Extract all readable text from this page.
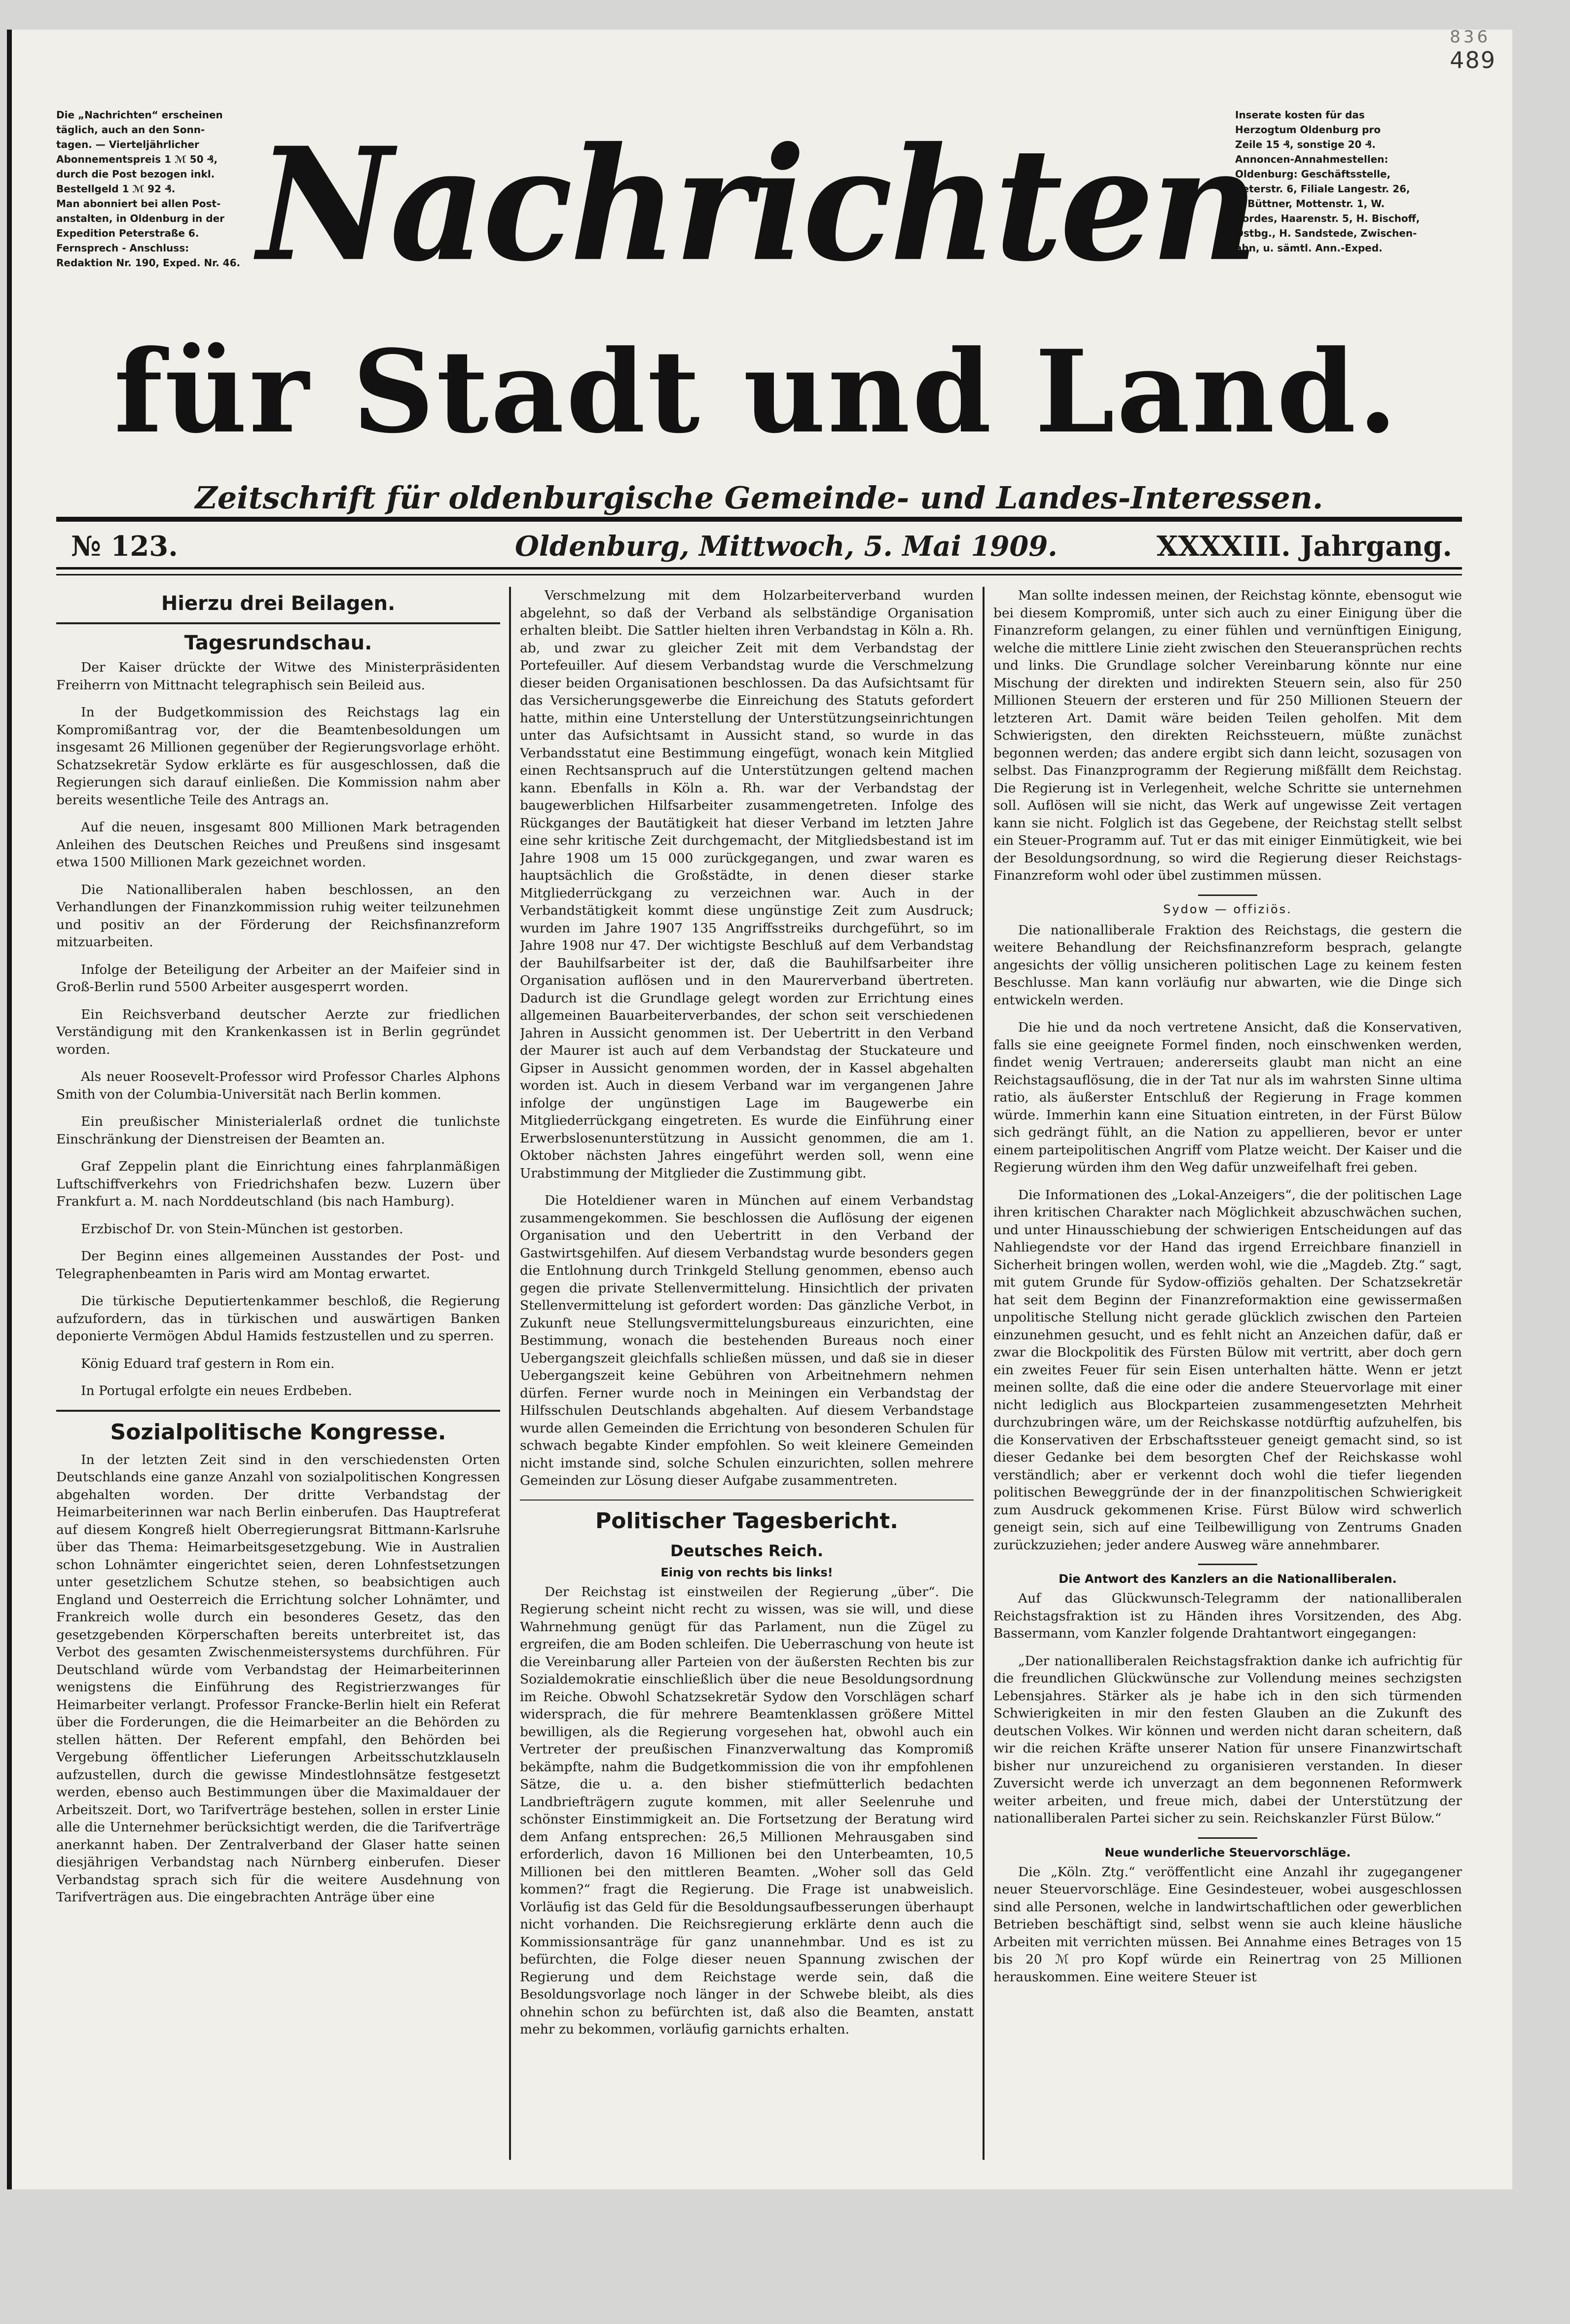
Die „Nachrichten“ erscheinen
täglich, auch an den Sonn-
tagen. — Vierteljährlicher
Abonnementspreis 1 ℳ 50 ₰,
durch die Post bezogen inkl.
Bestellgeld 1 ℳ 92 ₰.
Man abonniert bei allen Post-
anstalten, in Oldenburg in der
Expedition Peterstraße 6.
Fernsprech - Anschluss:
Redaktion Nr. 190, Exped. Nr. 46.
Inserate kosten für das
Herzogtum Oldenburg pro
Zeile 15 ₰, sonstige 20 ₰.
Annoncen-Annahmestellen:
Oldenburg: Geschäftsstelle,
Peterstr. 6, Filiale Langestr. 26,
F. Büttner, Mottenstr. 1, W.
Cordes, Haarenstr. 5, H. Bischoff,
Ostbg., H. Sandstede, Zwischen-
ahn, u. sämtl. Ann.-Exped.
Nachrichten
für Stadt und Land.
Zeitschrift für oldenburgische Gemeinde- und Landes-Interessen.
№ 123.	Oldenburg, Mittwoch, 5. Mai 1909.	XXXXIII. Jahrgang.
Hierzu drei Beilagen.
Tagesrundschau.
Der Kaiser drückte der Witwe des Ministerpräsidenten Freiherrn von Mittnacht telegraphisch sein Beileid aus.
In der Budgetkommission des Reichstags lag ein Kompromißantrag vor, der die Beamtenbesoldungen um insgesamt 26 Millionen gegenüber der Regierungsvorlage erhöht. Schatzsekretär Sydow erklärte es für ausgeschlossen, daß die Regierungen sich darauf einließen. Die Kommission nahm aber bereits wesentliche Teile des Antrags an.
Auf die neuen, insgesamt 800 Millionen Mark betragenden Anleihen des Deutschen Reiches und Preußens sind insgesamt etwa 1500 Millionen Mark gezeichnet worden.
Die Nationalliberalen haben beschlossen, an den Verhandlungen der Finanzkommission ruhig weiter teilzunehmen und positiv an der Förderung der Reichsfinanzreform mitzuarbeiten.
Infolge der Beteiligung der Arbeiter an der Maifeier sind in Groß-Berlin rund 5500 Arbeiter ausgesperrt worden.
Ein Reichsverband deutscher Aerzte zur friedlichen Verständigung mit den Krankenkassen ist in Berlin gegründet worden.
Als neuer Roosevelt-Professor wird Professor Charles Alphons Smith von der Columbia-Universität nach Berlin kommen.
Ein preußischer Ministerialerlaß ordnet die tunlichste Einschränkung der Dienstreisen der Beamten an.
Graf Zeppelin plant die Einrichtung eines fahrplanmäßigen Luftschiffverkehrs von Friedrichshafen bezw. Luzern über Frankfurt a. M. nach Norddeutschland (bis nach Hamburg).
Erzbischof Dr. von Stein-München ist gestorben.
Der Beginn eines allgemeinen Ausstandes der Post- und Telegraphenbeamten in Paris wird am Montag erwartet.
Die türkische Deputiertenkammer beschloß, die Regierung aufzufordern, das in türkischen und auswärtigen Banken deponierte Vermögen Abdul Hamids festzustellen und zu sperren.
König Eduard traf gestern in Rom ein.
In Portugal erfolgte ein neues Erdbeben.
Sozialpolitische Kongresse.
In der letzten Zeit sind in den verschiedensten Orten Deutschlands eine ganze Anzahl von sozialpolitischen Kongressen abgehalten worden. Der dritte Verbandstag der Heimarbeiterinnen war nach Berlin einberufen. Das Hauptreferat auf diesem Kongreß hielt Oberregierungsrat Bittmann-Karlsruhe über das Thema: Heimarbeitsgesetzgebung. Wie in Australien schon Lohnämter eingerichtet seien, deren Lohnfestsetzungen unter gesetzlichem Schutze stehen, so beabsichtigen auch England und Oesterreich die Errichtung solcher Lohnämter, und Frankreich wolle durch ein besonderes Gesetz, das den gesetzgebenden Körperschaften bereits unterbreitet ist, das Verbot des gesamten Zwischenmeistersystems durchführen. Für Deutschland würde vom Verbandstag der Heimarbeiterinnen wenigstens die Einführung des Registrierzwanges für Heimarbeiter verlangt. Professor Francke-Berlin hielt ein Referat über die Forderungen, die die Heimarbeiter an die Behörden zu stellen hätten. Der Referent empfahl, den Behörden bei Vergebung öffentlicher Lieferungen Arbeitsschutzklauseln aufzustellen, durch die gewisse Mindestlohnsätze festgesetzt werden, ebenso auch Bestimmungen über die Maximaldauer der Arbeitszeit. Dort, wo Tarifverträge bestehen, sollen in erster Linie alle die Unternehmer berücksichtigt werden, die die Tarifverträge anerkannt haben. Der Zentralverband der Glaser hatte seinen diesjährigen Verbandstag nach Nürnberg einberufen. Dieser Verbandstag sprach sich für die weitere Ausdehnung von Tarifverträgen aus. Die eingebrachten Anträge über eine
Verschmelzung mit dem Holzarbeiterverband wurden abgelehnt, so daß der Verband als selbständige Organisation erhalten bleibt. Die Sattler hielten ihren Verbandstag in Köln a. Rh. ab, und zwar zu gleicher Zeit mit dem Verbandstag der Portefeuiller. Auf diesem Verbandstag wurde die Verschmelzung dieser beiden Organisationen beschlossen. Da das Aufsichtsamt für das Versicherungsgewerbe die Einreichung des Statuts gefordert hatte, mithin eine Unterstellung der Unterstützungseinrichtungen unter das Aufsichtsamt in Aussicht stand, so wurde in das Verbandsstatut eine Bestimmung eingefügt, wonach kein Mitglied einen Rechtsanspruch auf die Unterstützungen geltend machen kann. Ebenfalls in Köln a. Rh. war der Verbandstag der baugewerblichen Hilfsarbeiter zusammengetreten. Infolge des Rückganges der Bautätigkeit hat dieser Verband im letzten Jahre eine sehr kritische Zeit durchgemacht, der Mitgliedsbestand ist im Jahre 1908 um 15 000 zurückgegangen, und zwar waren es hauptsächlich die Großstädte, in denen dieser starke Mitgliederrückgang zu verzeichnen war. Auch in der Verbandstätigkeit kommt diese ungünstige Zeit zum Ausdruck; wurden im Jahre 1907 135 Angriffsstreiks durchgeführt, so im Jahre 1908 nur 47. Der wichtigste Beschluß auf dem Verbandstag der Bauhilfsarbeiter ist der, daß die Bauhilfsarbeiter ihre Organisation auflösen und in den Maurerverband übertreten. Dadurch ist die Grundlage gelegt worden zur Errichtung eines allgemeinen Bauarbeiterverbandes, der schon seit verschiedenen Jahren in Aussicht genommen ist. Der Uebertritt in den Verband der Maurer ist auch auf dem Verbandstag der Stuckateure und Gipser in Aussicht genommen worden, der in Kassel abgehalten worden ist. Auch in diesem Verband war im vergangenen Jahre infolge der ungünstigen Lage im Baugewerbe ein Mitgliederrückgang eingetreten. Es wurde die Einführung einer Erwerbslosenunterstützung in Aussicht genommen, die am 1. Oktober nächsten Jahres eingeführt werden soll, wenn eine Urabstimmung der Mitglieder die Zustimmung gibt.
Die Hoteldiener waren in München auf einem Verbandstag zusammengekommen. Sie beschlossen die Auflösung der eigenen Organisation und den Uebertritt in den Verband der Gastwirtsgehilfen. Auf diesem Verbandstag wurde besonders gegen die Entlohnung durch Trinkgeld Stellung genommen, ebenso auch gegen die private Stellenvermittelung. Hinsichtlich der privaten Stellenvermittelung ist gefordert worden: Das gänzliche Verbot, in Zukunft neue Stellungsvermittelungsbureaus einzurichten, eine Bestimmung, wonach die bestehenden Bureaus noch einer Uebergangszeit gleichfalls schließen müssen, und daß sie in dieser Uebergangszeit keine Gebühren von Arbeitnehmern nehmen dürfen. Ferner wurde noch in Meiningen ein Verbandstag der Hilfsschulen Deutschlands abgehalten. Auf diesem Verbandstage wurde allen Gemeinden die Errichtung von besonderen Schulen für schwach begabte Kinder empfohlen. So weit kleinere Gemeinden nicht imstande sind, solche Schulen einzurichten, sollen mehrere Gemeinden zur Lösung dieser Aufgabe zusammentreten.
Politischer Tagesbericht.
Deutsches Reich.
Einig von rechts bis links!
Der Reichstag ist einstweilen der Regierung „über“. Die Regierung scheint nicht recht zu wissen, was sie will, und diese Wahrnehmung genügt für das Parlament, nun die Zügel zu ergreifen, die am Boden schleifen. Die Ueberraschung von heute ist die Vereinbarung aller Parteien von der äußersten Rechten bis zur Sozialdemokratie einschließlich über die neue Besoldungsordnung im Reiche. Obwohl Schatzsekretär Sydow den Vorschlägen scharf widersprach, die für mehrere Beamtenklassen größere Mittel bewilligen, als die Regierung vorgesehen hat, obwohl auch ein Vertreter der preußischen Finanzverwaltung das Kompromiß bekämpfte, nahm die Budgetkommission die von ihr empfohlenen Sätze, die u. a. den bisher stiefmütterlich bedachten Landbriefträgern zugute kommen, mit aller Seelenruhe und schönster Einstimmigkeit an. Die Fortsetzung der Beratung wird dem Anfang entsprechen: 26,5 Millionen Mehrausgaben sind erforderlich, davon 16 Millionen bei den Unterbeamten, 10,5 Millionen bei den mittleren Beamten. „Woher soll das Geld kommen?“ fragt die Regierung. Die Frage ist unabweislich. Vorläufig ist das Geld für die Besoldungsaufbesserungen überhaupt nicht vorhanden. Die Reichsregierung erklärte denn auch die Kommissionsanträge für ganz unannehmbar. Und es ist zu befürchten, die Folge dieser neuen Spannung zwischen der Regierung und dem Reichstage werde sein, daß die Besoldungsvorlage noch länger in der Schwebe bleibt, als dies ohnehin schon zu befürchten ist, daß also die Beamten, anstatt mehr zu bekommen, vorläufig garnichts erhalten.
Man sollte indessen meinen, der Reichstag könnte, ebensogut wie bei diesem Kompromiß, unter sich auch zu einer Einigung über die Finanzreform gelangen, zu einer fühlen und vernünftigen Einigung, welche die mittlere Linie zieht zwischen den Steueransprüchen rechts und links. Die Grundlage solcher Vereinbarung könnte nur eine Mischung der direkten und indirekten Steuern sein, also für 250 Millionen Steuern der ersteren und für 250 Millionen Steuern der letzteren Art. Damit wäre beiden Teilen geholfen. Mit dem Schwierigsten, den direkten Reichssteuern, müßte zunächst begonnen werden; das andere ergibt sich dann leicht, sozusagen von selbst. Das Finanzprogramm der Regierung mißfällt dem Reichstag. Die Regierung ist in Verlegenheit, welche Schritte sie unternehmen soll. Auflösen will sie nicht, das Werk auf ungewisse Zeit vertagen kann sie nicht. Folglich ist das Gegebene, der Reichstag stellt selbst ein Steuer-Programm auf. Tut er das mit einiger Einmütigkeit, wie bei der Besoldungsordnung, so wird die Regierung dieser Reichstags-Finanzreform wohl oder übel zustimmen müssen.
Sydow — offiziös.
Die nationalliberale Fraktion des Reichstags, die gestern die weitere Behandlung der Reichsfinanzreform besprach, gelangte angesichts der völlig unsicheren politischen Lage zu keinem festen Beschlusse. Man kann vorläufig nur abwarten, wie die Dinge sich entwickeln werden.
Die hie und da noch vertretene Ansicht, daß die Konservativen, falls sie eine geeignete Formel finden, noch einschwenken werden, findet wenig Vertrauen; andererseits glaubt man nicht an eine Reichstagsauflösung, die in der Tat nur als im wahrsten Sinne ultima ratio, als äußerster Entschluß der Regierung in Frage kommen würde. Immerhin kann eine Situation eintreten, in der Fürst Bülow sich gedrängt fühlt, an die Nation zu appellieren, bevor er unter einem parteipolitischen Angriff vom Platze weicht. Der Kaiser und die Regierung würden ihm den Weg dafür unzweifelhaft frei geben.
Die Informationen des „Lokal-Anzeigers“, die der politischen Lage ihren kritischen Charakter nach Möglichkeit abzuschwächen suchen, und unter Hinausschiebung der schwierigen Entscheidungen auf das Nahliegendste vor der Hand das irgend Erreichbare finanziell in Sicherheit bringen wollen, werden wohl, wie die „Magdeb. Ztg.“ sagt, mit gutem Grunde für Sydow-offiziös gehalten. Der Schatzsekretär hat seit dem Beginn der Finanzreformaktion eine gewissermaßen unpolitische Stellung nicht gerade glücklich zwischen den Parteien einzunehmen gesucht, und es fehlt nicht an Anzeichen dafür, daß er zwar die Blockpolitik des Fürsten Bülow mit vertritt, aber doch gern ein zweites Feuer für sein Eisen unterhalten hätte. Wenn er jetzt meinen sollte, daß die eine oder die andere Steuervorlage mit einer nicht lediglich aus Blockparteien zusammengesetzten Mehrheit durchzubringen wäre, um der Reichskasse notdürftig aufzuhelfen, bis die Konservativen der Erbschaftssteuer geneigt gemacht sind, so ist dieser Gedanke bei dem besorgten Chef der Reichskasse wohl verständlich; aber er verkennt doch wohl die tiefer liegenden politischen Beweggründe der in der finanzpolitischen Schwierigkeit zum Ausdruck gekommenen Krise. Fürst Bülow wird schwerlich geneigt sein, sich auf eine Teilbewilligung von Zentrums Gnaden zurückzuziehen; jeder andere Ausweg wäre annehmbarer.
Die Antwort des Kanzlers an die Nationalliberalen.
Auf das Glückwunsch-Telegramm der nationalliberalen Reichstagsfraktion ist zu Händen ihres Vorsitzenden, des Abg. Bassermann, vom Kanzler folgende Drahtantwort eingegangen:
„Der nationalliberalen Reichstagsfraktion danke ich aufrichtig für die freundlichen Glückwünsche zur Vollendung meines sechzigsten Lebensjahres. Stärker als je habe ich in den sich türmenden Schwierigkeiten in mir den festen Glauben an die Zukunft des deutschen Volkes. Wir können und werden nicht daran scheitern, daß wir die reichen Kräfte unserer Nation für unsere Finanzwirtschaft bisher nur unzureichend zu organisieren verstanden. In dieser Zuversicht werde ich unverzagt an dem begonnenen Reformwerk weiter arbeiten, und freue mich, dabei der Unterstützung der nationalliberalen Partei sicher zu sein. Reichskanzler Fürst Bülow.“
Neue wunderliche Steuervorschläge.
Die „Köln. Ztg.“ veröffentlicht eine Anzahl ihr zugegangener neuer Steuervorschläge. Eine Gesindesteuer, wobei ausgeschlossen sind alle Personen, welche in landwirtschaftlichen oder gewerblichen Betrieben beschäftigt sind, selbst wenn sie auch kleine häusliche Arbeiten mit verrichten müssen. Bei Annahme eines Betrages von 15 bis 20 ℳ pro Kopf würde ein Reinertrag von 25 Millionen herauskommen. Eine weitere Steuer ist
836
489
